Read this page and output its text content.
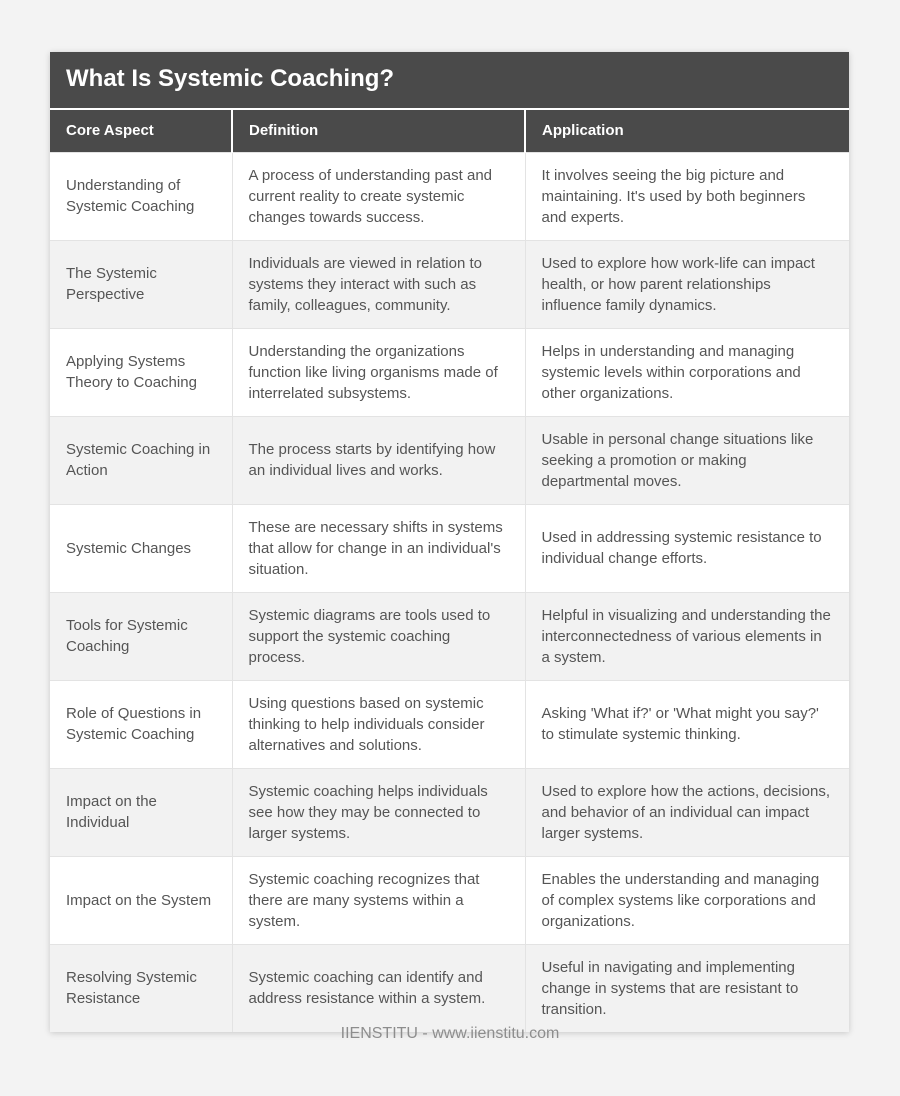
What Is Systemic Coaching?
Core Aspect	Definition	Application
Understanding of Systemic Coaching	A process of understanding past and current reality to create systemic changes towards success.	It involves seeing the big picture and maintaining. It's used by both beginners and experts.
The Systemic Perspective	Individuals are viewed in relation to systems they interact with such as family, colleagues, community.	Used to explore how work-life can impact health, or how parent relationships influence family dynamics.
Applying Systems Theory to Coaching	Understanding the organizations function like living organisms made of interrelated subsystems.	Helps in understanding and managing systemic levels within corporations and other organizations.
Systemic Coaching in Action	The process starts by identifying how an individual lives and works.	Usable in personal change situations like seeking a promotion or making departmental moves.
Systemic Changes	These are necessary shifts in systems that allow for change in an individual's situation.	Used in addressing systemic resistance to individual change efforts.
Tools for Systemic Coaching	Systemic diagrams are tools used to support the systemic coaching process.	Helpful in visualizing and understanding the interconnectedness of various elements in a system.
Role of Questions in Systemic Coaching	Using questions based on systemic thinking to help individuals consider alternatives and solutions.	Asking 'What if?' or 'What might you say?' to stimulate systemic thinking.
Impact on the Individual	Systemic coaching helps individuals see how they may be connected to larger systems.	Used to explore how the actions, decisions, and behavior of an individual can impact larger systems.
Impact on the System	Systemic coaching recognizes that there are many systems within a system.	Enables the understanding and managing of complex systems like corporations and organizations.
Resolving Systemic Resistance	Systemic coaching can identify and address resistance within a system.	Useful in navigating and implementing change in systems that are resistant to transition.
IIENSTITU - www.iienstitu.com
